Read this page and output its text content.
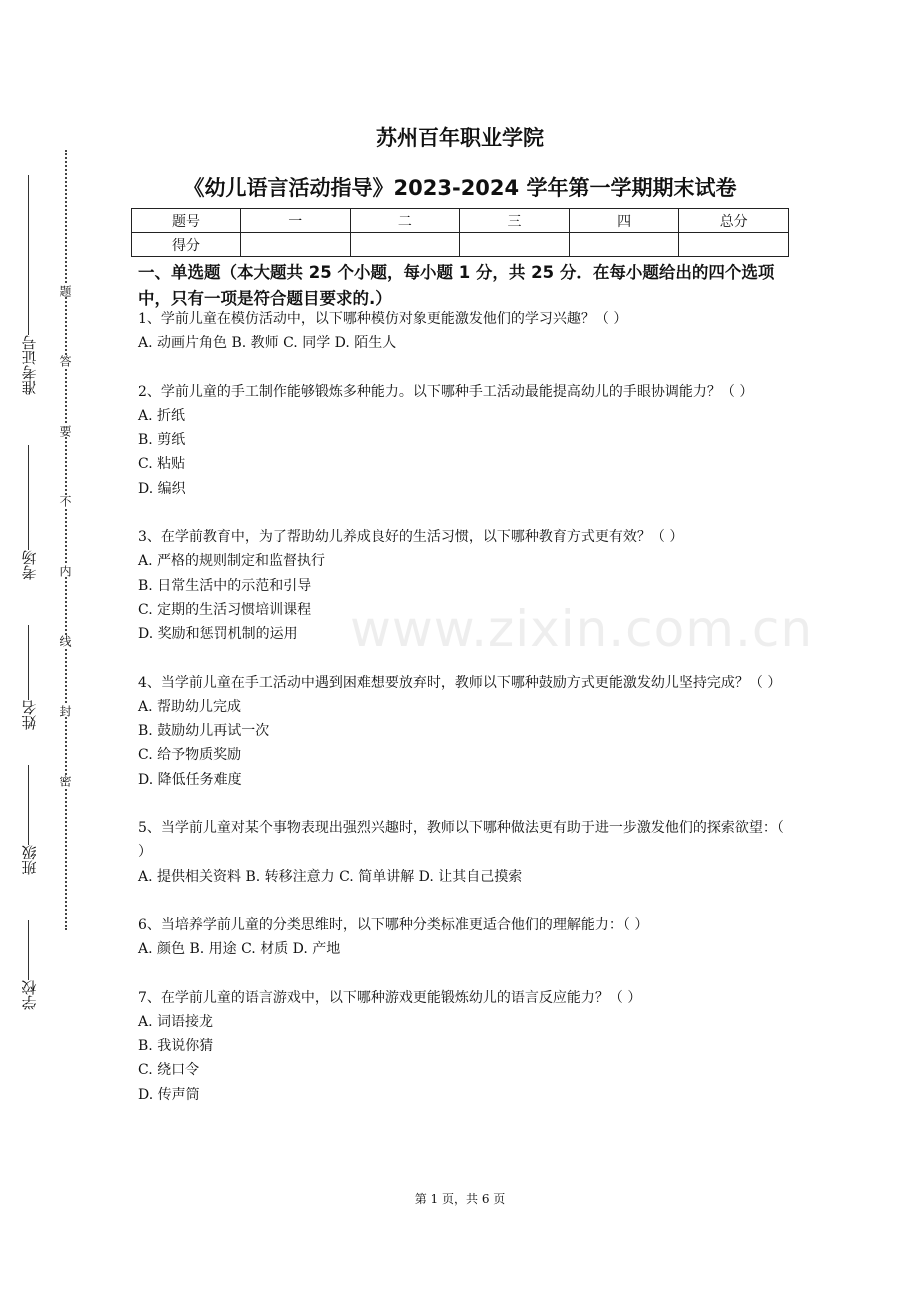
题
答
要
不
内
线
封
密
准考证号
考场
姓名
班级
学校
苏州百年职业学院
《幼儿语言活动指导》2023-2024 学年第一学期期末试卷
题号	一	二	三	四	总分
得分					
一、单选题（本大题共 25 个小题，每小题 1 分，共 25 分．在每小题给出的四个选项中，只有一项是符合题目要求的.）

1、学前儿童在模仿活动中，以下哪种模仿对象更能激发他们的学习兴趣？（ ）

A. 动画片角色 B. 教师 C. 同学 D. 陌生人

2、学前儿童的手工制作能够锻炼多种能力。以下哪种手工活动最能提高幼儿的手眼协调能力？（ ）

A. 折纸

B. 剪纸

C. 粘贴

D. 编织

3、在学前教育中，为了帮助幼儿养成良好的生活习惯，以下哪种教育方式更有效？（ ）

A. 严格的规则制定和监督执行

B. 日常生活中的示范和引导

C. 定期的生活习惯培训课程

D. 奖励和惩罚机制的运用

4、当学前儿童在手工活动中遇到困难想要放弃时，教师以下哪种鼓励方式更能激发幼儿坚持完成？（ ）

A. 帮助幼儿完成

B. 鼓励幼儿再试一次

C. 给予物质奖励

D. 降低任务难度

5、当学前儿童对某个事物表现出强烈兴趣时，教师以下哪种做法更有助于进一步激发他们的探索欲望：（ ）

A. 提供相关资料 B. 转移注意力 C. 简单讲解 D. 让其自己摸索

6、当培养学前儿童的分类思维时，以下哪种分类标准更适合他们的理解能力：（ ）

A. 颜色 B. 用途 C. 材质 D. 产地

7、在学前儿童的语言游戏中，以下哪种游戏更能锻炼幼儿的语言反应能力？（ ）

A. 词语接龙

B. 我说你猜

C. 绕口令

D. 传声筒

www.zixin.com.cn
第 1 页，共 6 页
